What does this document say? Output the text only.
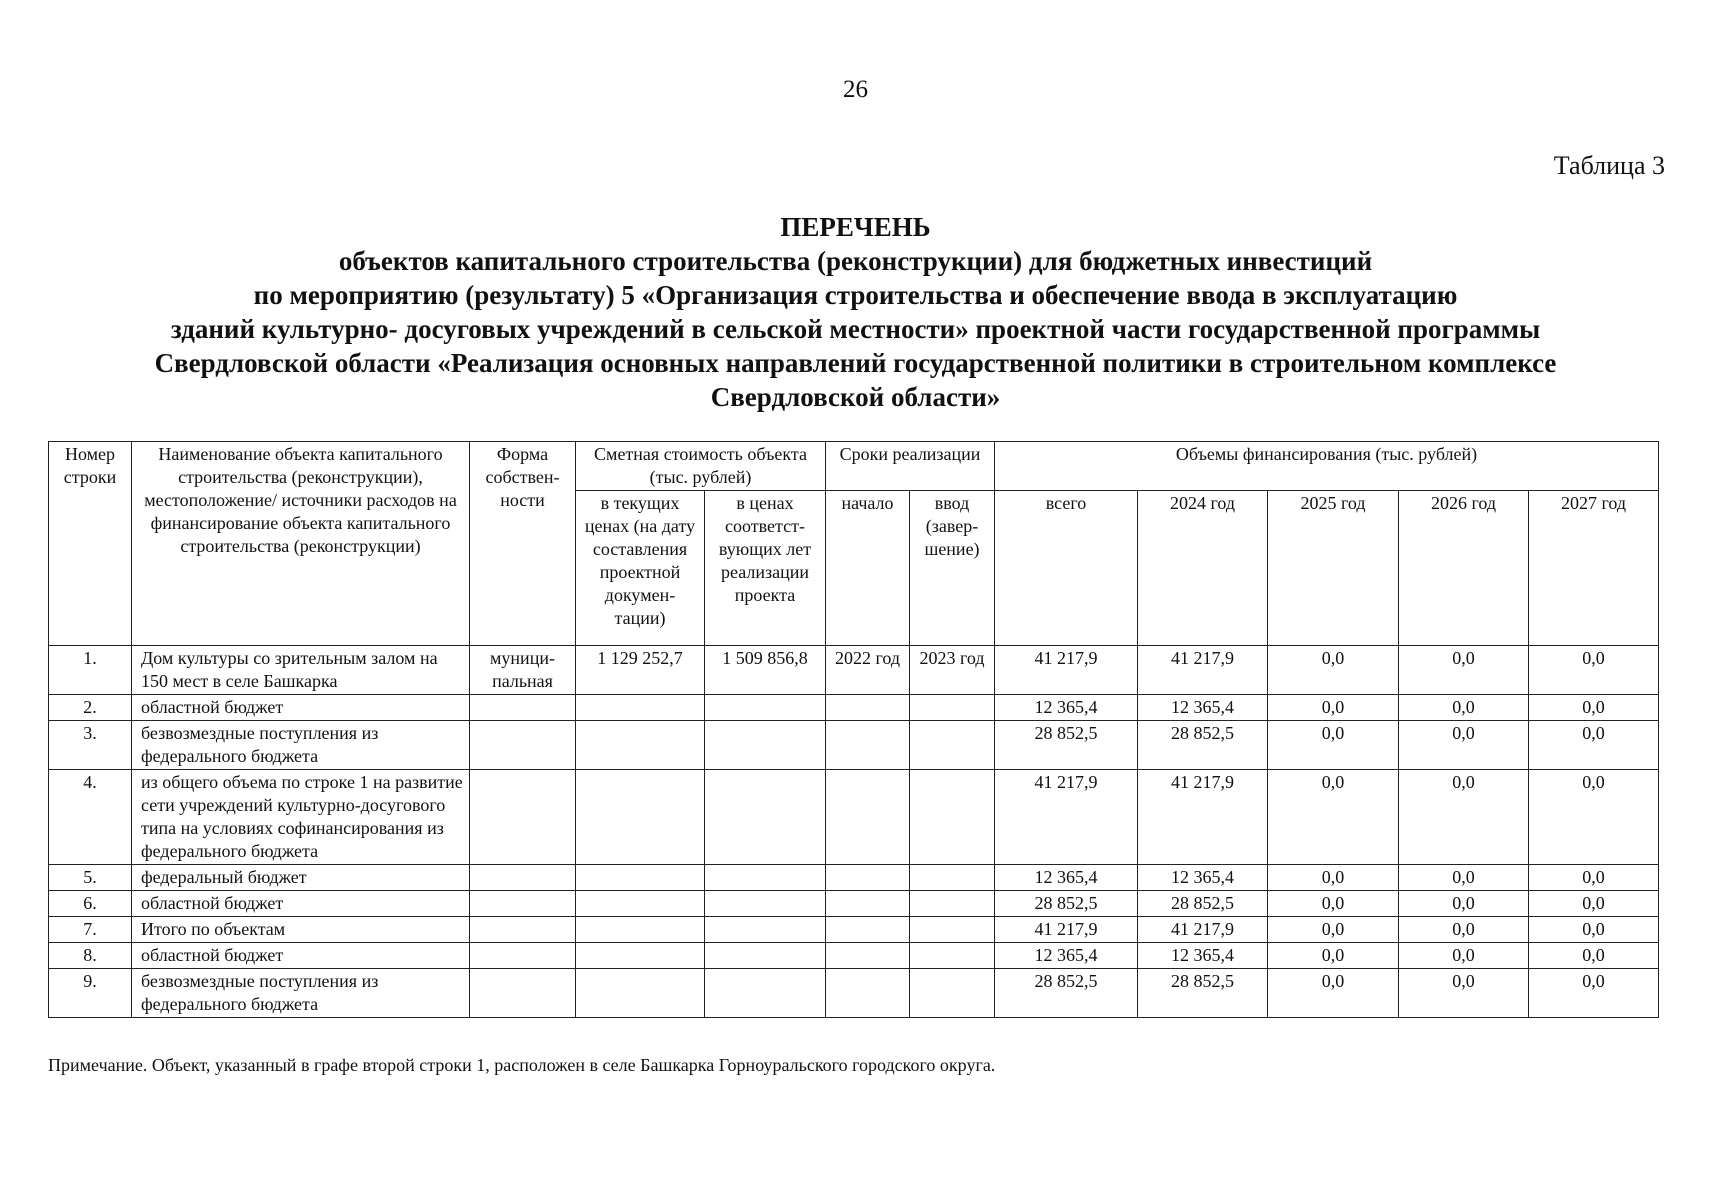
26
Таблица 3
ПЕРЕЧЕНЬ
объектов капитального строительства (реконструкции) для бюджетных инвестиций
по мероприятию (результату) 5 «Организация строительства и обеспечение ввода в эксплуатацию
зданий культурно- досуговых учреждений в сельской местности» проектной части государственной программы
Свердловской области «Реализация основных направлений государственной политики в строительном комплексе
Свердловской области»
Номер строки	Наименование объекта капитального строительства (реконструкции), местоположение/ источники расходов на финансирование объекта капитального строительства (реконструкции)	Форма собствен-ности	Сметная стоимость объекта (тыс. рублей)		Сроки реализации		Объемы финансирования (тыс. рублей)				
			в текущих ценах (на дату составления проектной докумен-тации)	в ценах соответст-вующих лет реализации проекта	начало	ввод (завер-шение)	всего	2024 год	2025 год	2026 год	2027 год
1.	Дом культуры со зрительным залом на 150 мест в селе Башкарка	муници-пальная	1 129 252,7	1 509 856,8	2022 год	2023 год	41 217,9	41 217,9	0,0	0,0	0,0
2.	областной бюджет						12 365,4	12 365,4	0,0	0,0	0,0
3.	безвозмездные поступления из федерального бюджета						28 852,5	28 852,5	0,0	0,0	0,0
4.	из общего объема по строке 1 на развитие сети учреждений культурно-досугового типа на условиях софинансирования из федерального бюджета						41 217,9	41 217,9	0,0	0,0	0,0
5.	федеральный бюджет						12 365,4	12 365,4	0,0	0,0	0,0
6.	областной бюджет						28 852,5	28 852,5	0,0	0,0	0,0
7.	Итого по объектам						41 217,9	41 217,9	0,0	0,0	0,0
8.	областной бюджет						12 365,4	12 365,4	0,0	0,0	0,0
9.	безвозмездные поступления из федерального бюджета						28 852,5	28 852,5	0,0	0,0	0,0
Примечание. Объект, указанный в графе второй строки 1, расположен в селе Башкарка Горноуральского городского округа.
